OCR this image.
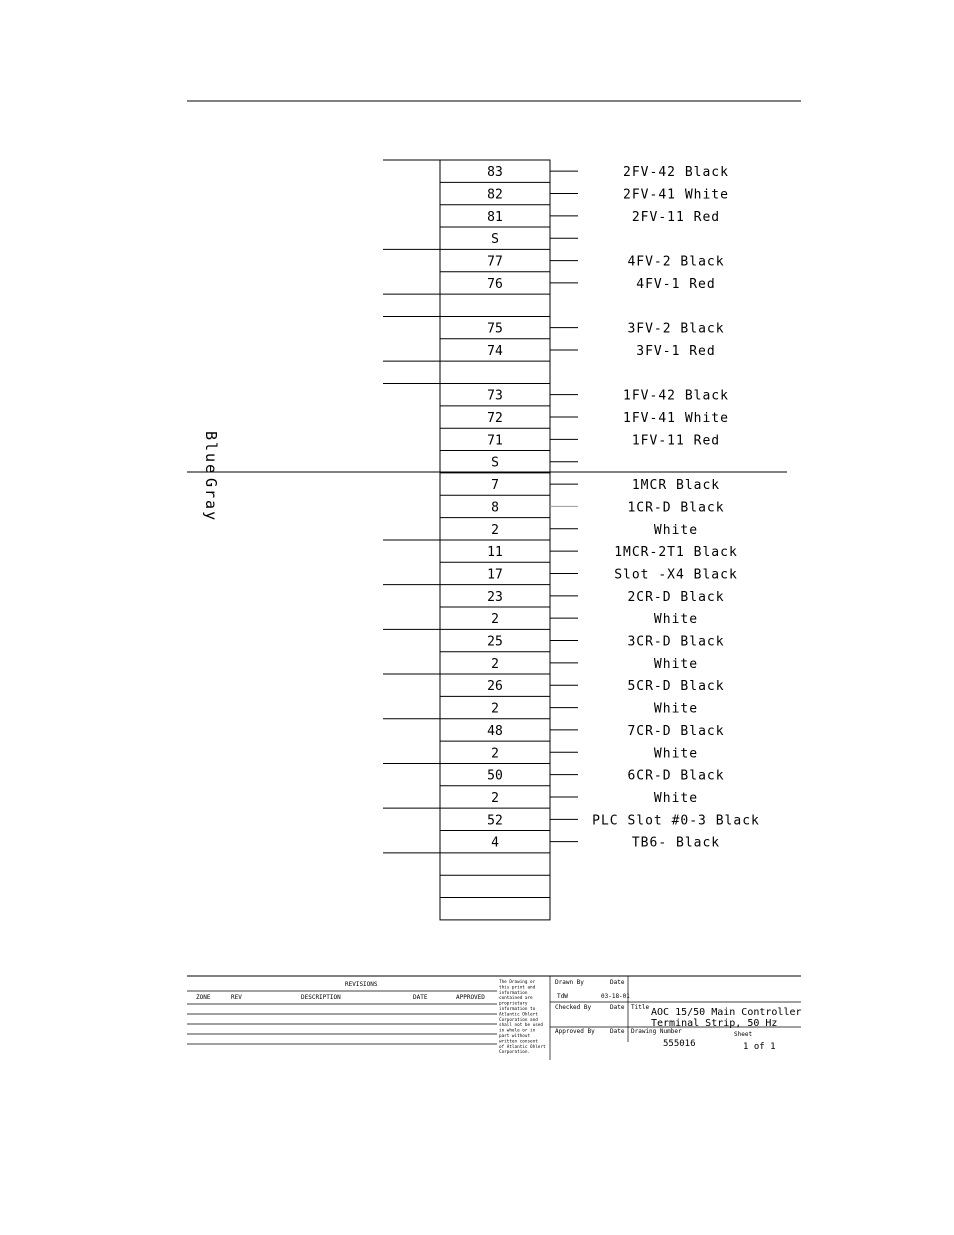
83	2FV-42 Black
82	2FV-41 White
81	2FV-11 Red
S
77	4FV-2 Black
76	4FV-1 Red
75	3FV-2 Black
74	3FV-1 Red
73	1FV-42 Black
72	1FV-41 White
71	1FV-11 Red
S
7	1MCR Black
8	1CR-D Black
2	White
11	1MCR-2T1 Black
17	Slot -X4 Black
23	2CR-D Black
2	White
25	3CR-D Black
2	White
26	5CR-D Black
2	White
48	7CR-D Black
2	White
50	6CR-D Black
2	White
52	PLC Slot #0-3 Black
4	TB6- Black
Blue
Gray
REVISIONS
ZONE	REV	DESCRIPTION	DATE	APPROVED
The Drawing or
this print and
information
contained are
proprietary
information to
Atlantic Ohlert
Corporation and
shall not be used
in whole or in
part without
written consent
of Atlantic Ohlert
Corporation.
Drawn By	Date
TdW	03-18-01
Checked By	Date
Approved By	Date
Title AOC 15/50 Main Controller
Terminal Strip, 50 Hz
Drawing Number
555016
Sheet
1 of 1
